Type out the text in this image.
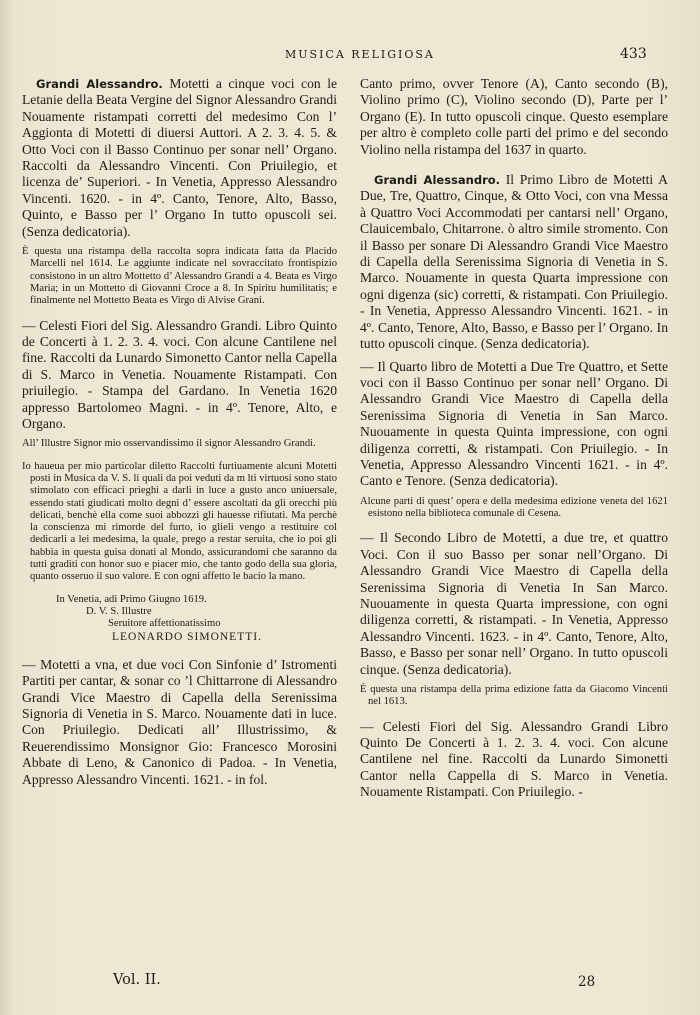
MUSICA RELIGIOSA	433

Grandi Alessandro. Motetti a cinque voci con le Letanie della Beata Vergine del Signor Alessandro Grandi Nouamente ristampati corretti del medesimo Con l’ Aggionta di Motetti di diuersi Auttori. A 2. 3. 4. 5. & Otto Voci con il Basso Continuo per sonar nell’ Organo. Raccolti da Alessandro Vincenti. Con Priuilegio, et licenza de’ Superiori. - In Venetia, Appresso Alessandro Vincenti. 1620. - in 4º. Canto, Tenore, Alto, Basso, Quinto, e Basso per l’ Organo In tutto opuscoli sei. (Senza dedicatoria).

È questa una ristampa della raccolta sopra indicata fatta da Placido Marcelli nel 1614. Le aggiunte indicate nel sovraccitato frontispizio consistono in un altro Mottetto d’ Alessandro Grandi a 4. Beata es Virgo Maria; in un Mottetto di Giovanni Croce a 8. In Spiritu humilitatis; e finalmente nel Mottetto Beata es Virgo di Alvise Grani.

— Celesti Fiori del Sig. Alessandro Grandi. Libro Quinto de Concerti à 1. 2. 3. 4. voci. Con alcune Cantilene nel fine. Raccolti da Lunardo Simonetto Cantor nella Capella di S. Marco in Venetia. Nouamente Ristampati. Con priuilegio. - Stampa del Gardano. In Venetia 1620 appresso Bartolomeo Magni. - in 4º. Tenore, Alto, e Organo.

All’ Illustre Signor mio osservandissimo il signor Alessandro Grandi.

Io haueua per mio particolar diletto Raccolti furtiuamente alcuni Motetti posti in Musica da V. S. li quali da poi veduti da m lti virtuosi sono stato stimolato con efficaci prieghi a darli in luce a gusto anco uniuersale, essendo stati giudicati molto degni d’ essere ascoltati da gli orecchi più delicati, benchè ella come suoi abbozzi gli hauesse rifiutati. Ma perchè la conscienza mi rimorde del furto, io glieli vengo a restituire col dedicarli a lei medesima, la quale, prego a restar seruita, che io poi gli habbia in questa guisa donati al Mondo, assicurandomi che saranno da tutti graditi con honor suo e piacer mio, che tanto godo della sua gloria, quanto osseruo il suo valore. E con ogni affetto le bacio la mano.

In Venetia, adi Primo Giugno 1619.
D. V. S. Illustre
Seruitore affettionatissimo
LEONARDO SIMONETTI.

— Motetti a vna, et due voci Con Sinfonie d’ Istromenti Partiti per cantar, & sonar co ’l Chittarrone di Alessandro Grandi Vice Maestro di Capella della Serenissima Signoria di Venetia in S. Marco. Nouamente dati in luce. Con Priuilegio. Dedicati all’ Illustrissimo, & Reuerendissimo Monsignor Gio: Francesco Morosini Abbate di Leno, & Canonico di Padoa. - In Venetia, Appresso Alessandro Vincenti. 1621. - in fol.

Canto primo, ovver Tenore (A), Canto secondo (B), Violino primo (C), Violino secondo (D), Parte per l’ Organo (E). In tutto opuscoli cinque. Questo esemplare per altro è completo colle parti del primo e del secondo Violino nella ristampa del 1637 in quarto.

Grandi Alessandro. Il Primo Libro de Motetti A Due, Tre, Quattro, Cinque, & Otto Voci, con vna Messa à Quattro Voci Accommodati per cantarsi nell’ Organo, Clauicembalo, Chitarrone. ò altro simile stromento. Con il Basso per sonare Di Alessandro Grandi Vice Maestro di Capella della Serenissima Signoria di Venetia in S. Marco. Nouamente in questa Quarta impressione con ogni digenza (sic) corretti, & ristampati. Con Priuilegio. - In Venetia, Appresso Alessandro Vincenti. 1621. - in 4º. Canto, Tenore, Alto, Basso, e Basso per l’ Organo. In tutto opuscoli cinque. (Senza dedicatoria).

— Il Quarto libro de Motetti a Due Tre Quattro, et Sette voci con il Basso Continuo per sonar nell’ Organo. Di Alessandro Grandi Vice Maestro di Capella della Serenissima Signoria di Venetia in San Marco. Nuouamente in questa Quinta impressione, con ogni diligenza corretti, & ristampati. Con Priuilegio. - In Venetia, Appresso Alessandro Vincenti 1621. - in 4º. Canto e Tenore. (Senza dedicatoria).

Alcune parti di quest’ opera e della medesima edizione veneta del 1621 esistono nella biblioteca comunale di Cesena.

— Il Secondo Libro de Motetti, a due tre, et quattro Voci. Con il suo Basso per sonar nell’Organo. Di Alessandro Grandi Vice Maestro di Capella della Serenissima Signoria di Venetia In San Marco. Nuouamente in questa Quarta impressione, con ogni diligenza corretti, & ristampati. - In Venetia, Appresso Alessandro Vincenti. 1623. - in 4º. Canto, Tenore, Alto, Basso, e Basso per sonar nell’ Organo. In tutto opuscoli cinque. (Senza dedicatoria).

È questa una ristampa della prima edizione fatta da Giacomo Vincenti nel 1613.

— Celesti Fiori del Sig. Alessandro Grandi Libro Quinto De Concerti à 1. 2. 3. 4. voci. Con alcune Cantilene nel fine. Raccolti da Lunardo Simonetti Cantor nella Cappella di S. Marco in Venetia. Nouamente Ristampati. Con Priuilegio. -

Vol. II.	28
